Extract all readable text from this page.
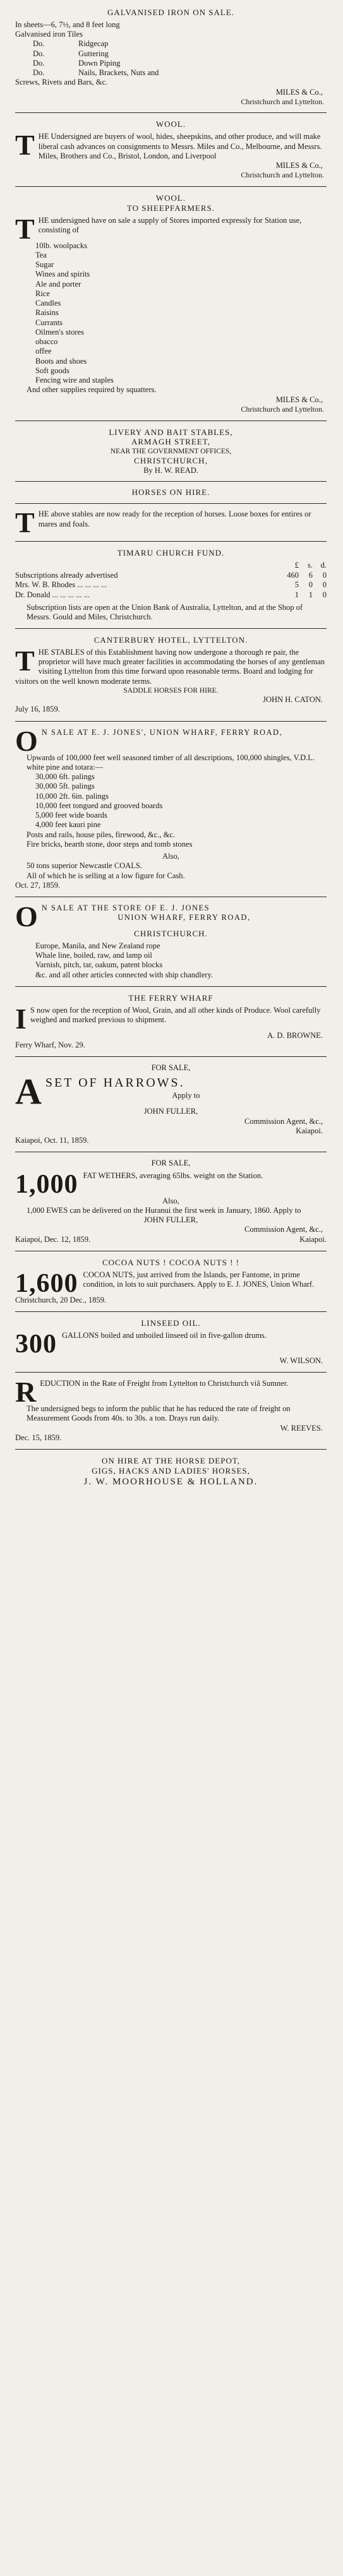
GALVANISED IRON ON SALE.
In sheets—6, 7½, and 8 feet long
Galvanised iron Tiles
Do.	Ridgecap
Do.	Guttering
Do.	Down Piping
Do.	Nails, Brackets, Nuts and
Screws, Rivets and Bars, &c.
MILES & Co.,
Christchurch and Lyttelton.
WOOL.
T HE Undersigned are buyers of wool, hides, sheepskins, and other produce, and will make liberal cash advances on consignments to Messrs. Miles and Co., Melbourne, and Messrs. Miles, Brothers and Co., Bristol, London, and Liverpool
MILES & Co.,
Christchurch and Lyttelton.
WOOL.
TO SHEEPFARMERS.
T HE undersigned have on sale a supply of Stores imported expressly for Station use, consisting of
10lb. woolpacks
Tea
Sugar
Wines and spirits
Ale and porter
Rice
Candles
Raisins
Currants
Oilmen's stores
obacco
offee
Boots and shoes
Soft goods
Fencing wire and staples
And other supplies required by squatters.
MILES & Co.,
Christchurch and Lyttelton.
LIVERY AND BAIT STABLES,
ARMAGH STREET,
NEAR THE GOVERNMENT OFFICES,
CHRISTCHURCH,
By H. W. READ.
HORSES ON HIRE.
T HE above stables are now ready for the reception of horses. Loose boxes for entires or mares and foals.
TIMARU CHURCH FUND.
	£	s.	d.
Subscriptions already advertised	460	6	0
Mrs. W. B. Rhodes ... ... ... ...	5	0	0
Dr. Donald ... ... ... ... ...	1	1	0
Subscription lists are open at the Union Bank of Australia, Lyttelton, and at the Shop of Messrs. Gould and Miles, Christchurch.
CANTERBURY HOTEL, LYTTELTON.
T HE STABLES of this Establishment having now undergone a thorough re pair, the proprietor will have much greater facilities in accommodating the horses of any gentleman visiting Lyttelton from this time forward upon reasonable terms. Board and lodging for visitors on the well known moderate terms.
SADDLE HORSES FOR HIRE.
JOHN H. CATON.
July 16, 1859.
O N SALE AT E. J. JONES', UNION WHARF, FERRY ROAD,
Upwards of 100,000 feet well seasoned timber of all descriptions, 100,000 shingles, V.D.L. white pine and totara:—
30,000 6ft. palings
30,000 5ft. palings
10,000 2ft. 6in. palings
10,000 feet tongued and grooved boards
5,000 feet wide boards
4,000 feet kauri pine
Posts and rails, house piles, firewood, &c., &c.
Fire bricks, hearth stone, door steps and tomb stones
Also,
50 tons superior Newcastle COALS.
All of which he is selling at a low figure for Cash.
Oct. 27, 1859.
O N SALE AT THE STORE OF E. J. JONES
UNION WHARF, FERRY ROAD,
CHRISTCHURCH.
Europe, Manila, and New Zealand rope
Whale line, boiled, raw, and lamp oil
Varnish, pitch, tar, oakum, patent blocks
&c. and all other articles connected with ship chandlery.
THE FERRY WHARF
I S now open for the reception of Wool, Grain, and all other kinds of Produce. Wool carefully weighed and marked previous to shipment.
A. D. BROWNE.
Ferry Wharf, Nov. 29.
FOR SALE,
A SET OF HARROWS.
Apply to
JOHN FULLER,
Commission Agent, &c.,
Kaiapoi.
Kaiapoi, Oct. 11, 1859.
FOR SALE,
1,000 FAT WETHERS, averaging 65lbs. weight on the Station.
Also,
1,000 EWES can be delivered on the Huranui the first week in January, 1860. Apply to
JOHN FULLER,
Commission Agent, &c.,
Kaiapoi, Dec. 12, 1859.	Kaiapoi.
COCOA NUTS ! COCOA NUTS ! !
1,600 COCOA NUTS, just arrived from the Islands, per Fantome, in prime condition, in lots to suit purchasers. Apply to E. J. JONES, Union Wharf.
Christchurch, 20 Dec., 1859.
LINSEED OIL.
300 GALLONS boiled and unboiled linseed oil in five-gallon drums.
W. WILSON.
R EDUCTION in the Rate of Freight from Lyttelton to Christchurch viâ Sumner.
The undersigned begs to inform the public that he has reduced the rate of freight on Measurement Goods from 40s. to 30s. a ton. Drays run daily.
W. REEVES.
Dec. 15, 1859.
ON HIRE AT THE HORSE DEPOT,
GIGS, HACKS AND LADIES' HORSES,
J. W. MOORHOUSE & HOLLAND.
